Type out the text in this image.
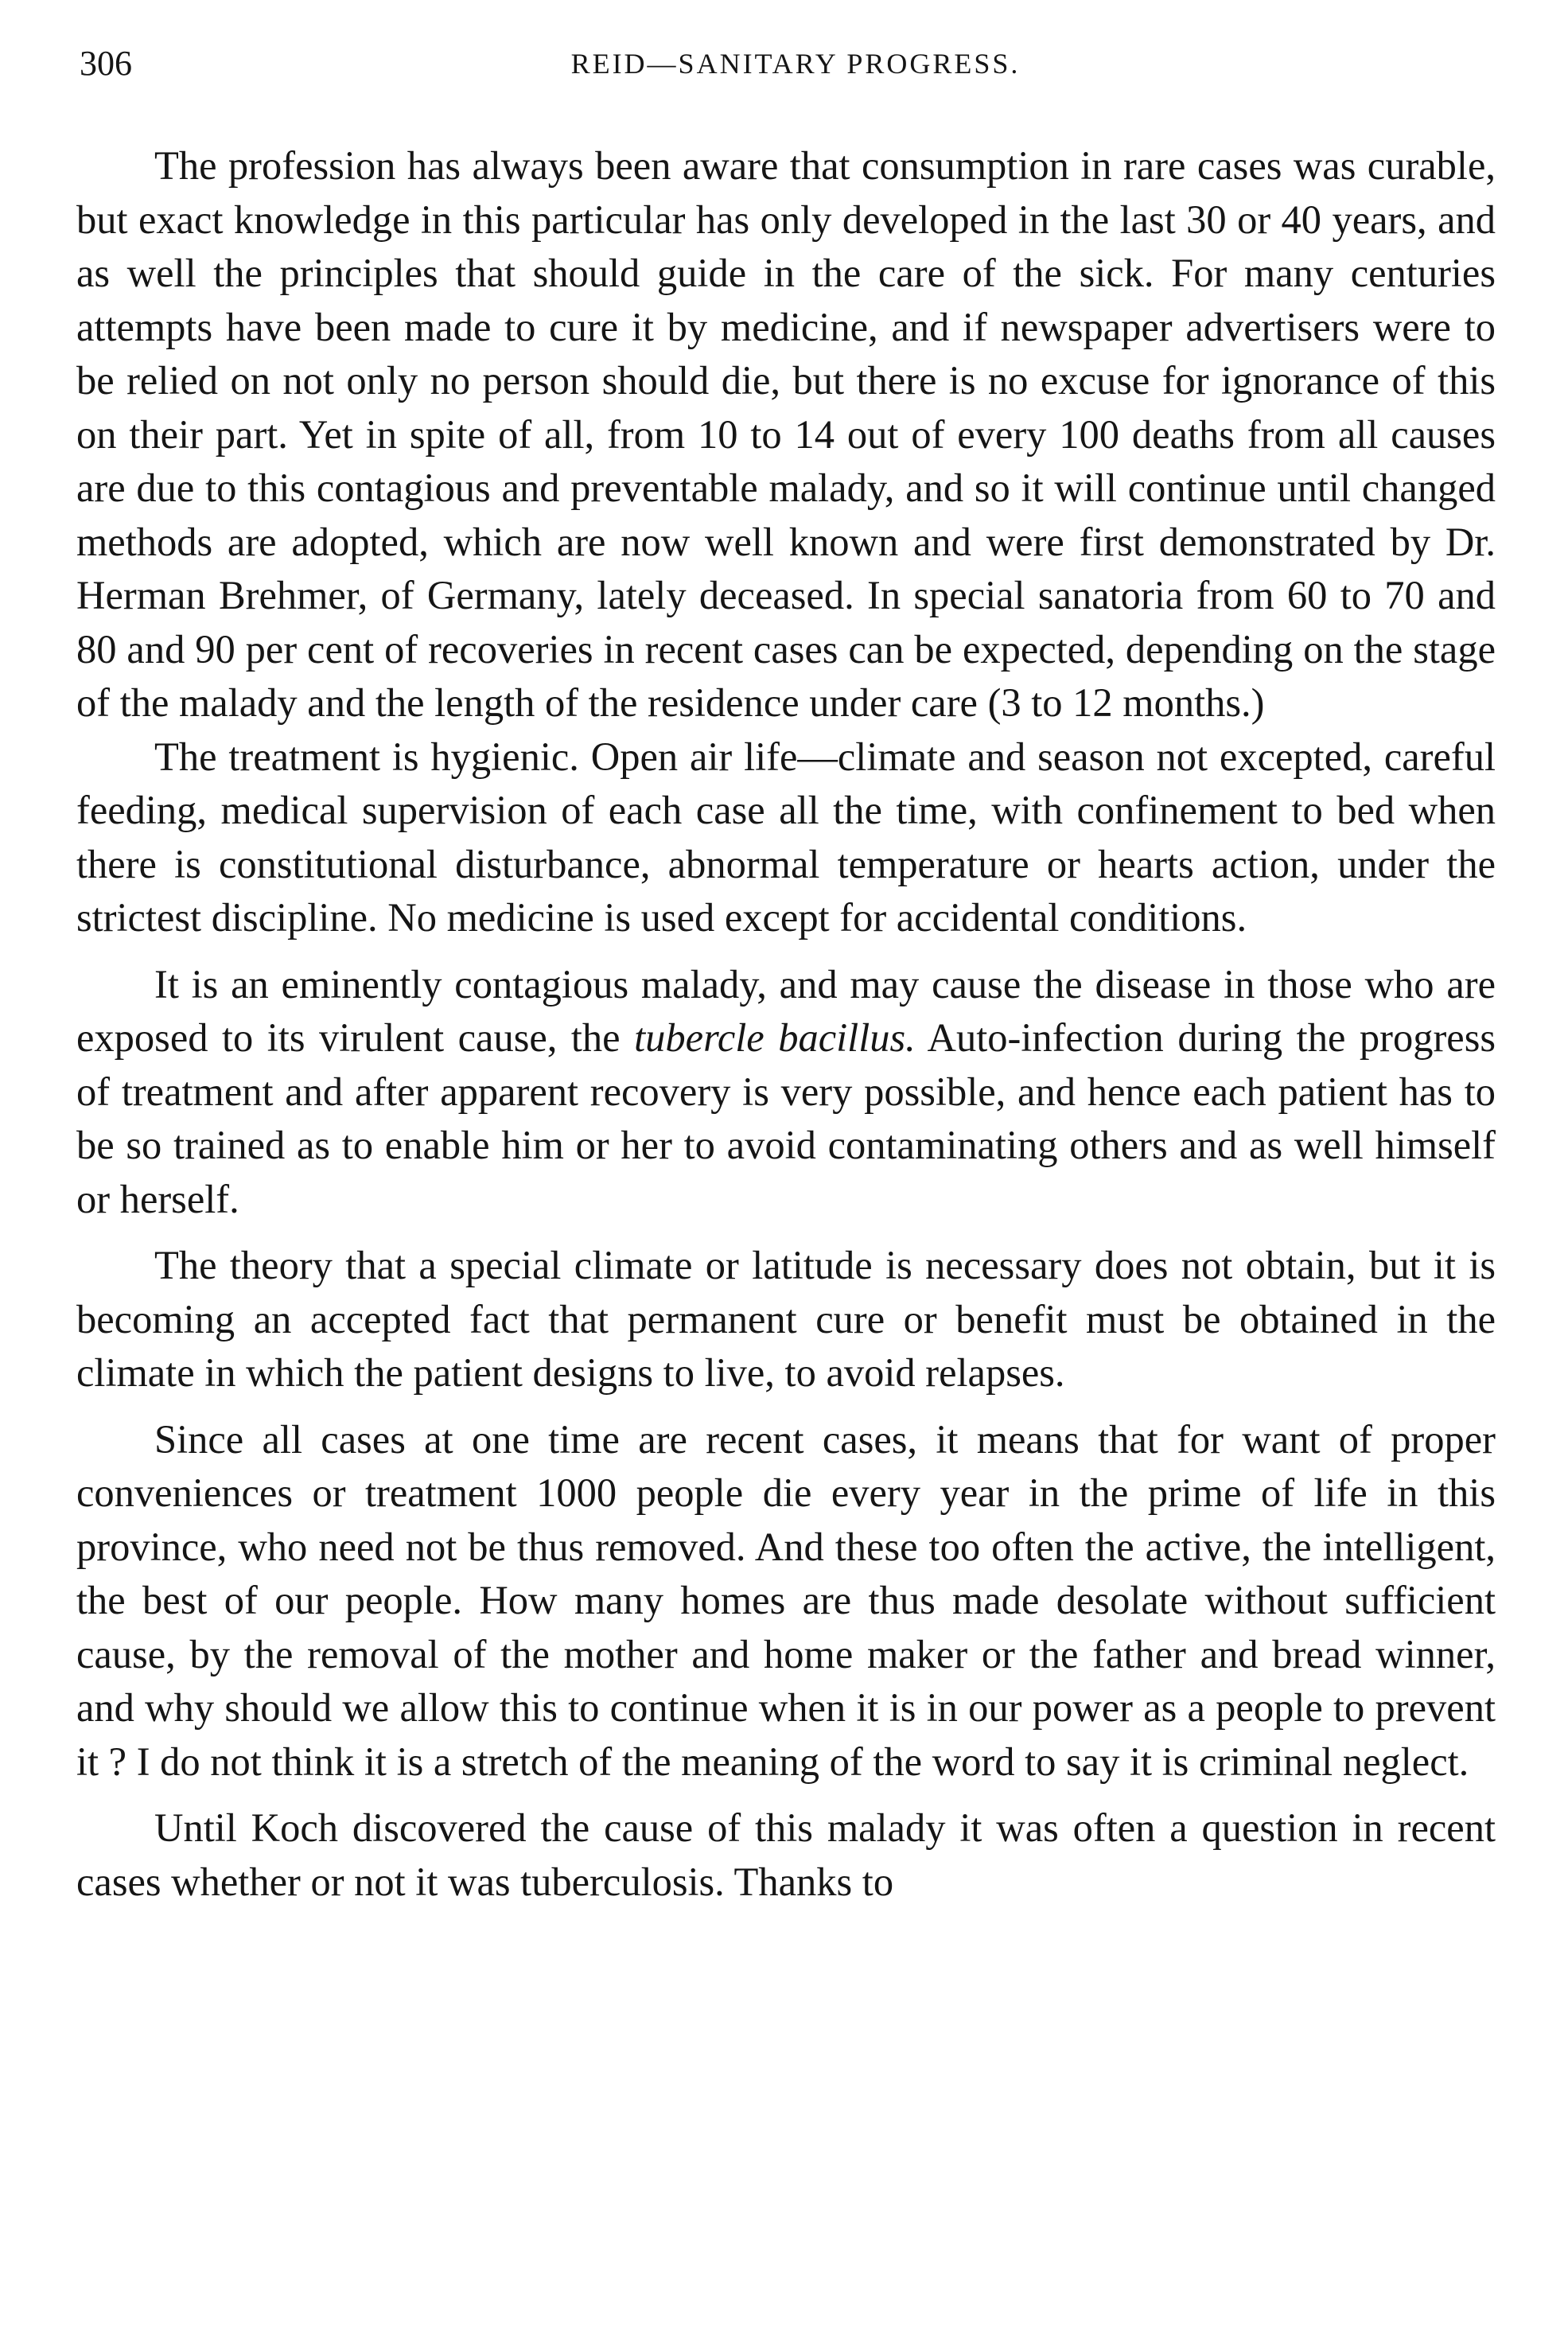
306	REID—SANITARY PROGRESS.

The profession has always been aware that consumption in rare cases was curable, but exact knowledge in this particular has only developed in the last 30 or 40 years, and as well the principles that should guide in the care of the sick. For many centuries attempts have been made to cure it by medicine, and if newspaper advertisers were to be relied on not only no person should die, but there is no excuse for ignorance of this on their part. Yet in spite of all, from 10 to 14 out of every 100 deaths from all causes are due to this contagious and preventable malady, and so it will continue until changed methods are adopted, which are now well known and were first demonstrated by Dr. Herman Brehmer, of Germany, lately deceased. In special sanatoria from 60 to 70 and 80 and 90 per cent of recoveries in recent cases can be expected, depending on the stage of the malady and the length of the residence under care (3 to 12 months.)

The treatment is hygienic. Open air life—climate and season not excepted, careful feeding, medical supervision of each case all the time, with confinement to bed when there is constitutional disturbance, abnormal temperature or hearts action, under the strictest discipline. No medicine is used except for accidental conditions.

It is an eminently contagious malady, and may cause the disease in those who are exposed to its virulent cause, the tubercle bacillus. Auto-infection during the progress of treatment and after apparent recovery is very possible, and hence each patient has to be so trained as to enable him or her to avoid contaminating others and as well himself or herself.

The theory that a special climate or latitude is necessary does not obtain, but it is becoming an accepted fact that permanent cure or benefit must be obtained in the climate in which the patient designs to live, to avoid relapses.

Since all cases at one time are recent cases, it means that for want of proper conveniences or treatment 1000 people die every year in the prime of life in this province, who need not be thus removed. And these too often the active, the intelligent, the best of our people. How many homes are thus made desolate without sufficient cause, by the removal of the mother and home maker or the father and bread winner, and why should we allow this to continue when it is in our power as a people to prevent it ? I do not think it is a stretch of the meaning of the word to say it is criminal neglect.

Until Koch discovered the cause of this malady it was often a question in recent cases whether or not it was tuberculosis. Thanks to
